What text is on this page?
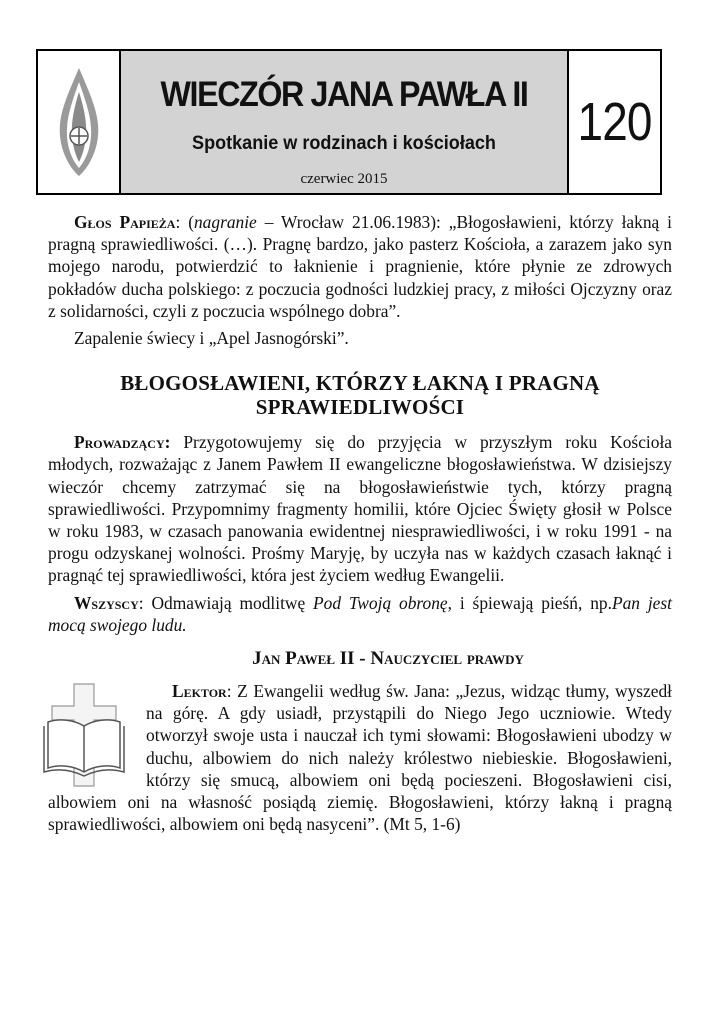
WIECZÓR JANA PAWŁA II
Spotkanie w rodzinach i kościołach
czerwiec 2015
120

Głos Papieża: (nagranie – Wrocław 21.06.1983): „Błogosławieni, którzy łakną i pragną sprawiedliwości. (…). Pragnę bardzo, jako pasterz Kościoła, a zarazem jako syn mojego narodu, potwierdzić to łaknienie i pragnienie, które płynie ze zdrowych pokładów ducha polskiego: z poczucia godności ludzkiej pracy, z miłości Ojczyzny oraz z solidarności, czyli z poczucia wspólnego dobra”.

Zapalenie świecy i „Apel Jasnogórski”.

BŁOGOSŁAWIENI, KTÓRZY ŁAKNĄ I PRAGNĄ SPRAWIEDLIWOŚCI

Prowadzący: Przygotowujemy się do przyjęcia w przyszłym roku Kościoła młodych, rozważając z Janem Pawłem II ewangeliczne błogosławieństwa. W dzisiejszy wieczór chcemy zatrzymać się na błogosławieństwie tych, którzy pragną sprawiedliwości. Przypomnimy fragmenty homilii, które Ojciec Święty głosił w Polsce w roku 1983, w czasach panowania ewidentnej niesprawiedliwości, i w roku 1991 - na progu odzyskanej wolności. Prośmy Maryję, by uczyła nas w każdych czasach łaknąć i pragnąć tej sprawiedliwości, która jest życiem według Ewangelii.

Wszyscy: Odmawiają modlitwę Pod Twoją obronę, i śpiewają pieśń, np.Pan jest mocą swojego ludu.

Jan Paweł II - Nauczyciel prawdy

Lektor: Z Ewangelii według św. Jana: „Jezus, widząc tłumy, wyszedł na górę. A gdy usiadł, przystąpili do Niego Jego uczniowie. Wtedy otworzył swoje usta i nauczał ich tymi słowami: Błogosławieni ubodzy w duchu, albowiem do nich należy królestwo niebieskie. Błogosławieni, którzy się smucą, albowiem oni będą pocieszeni. Błogosławieni cisi, albowiem oni na własność posiądą ziemię. Błogosławieni, którzy łakną i pragną sprawiedliwości, albowiem oni będą nasyceni”. (Mt 5, 1-6)
